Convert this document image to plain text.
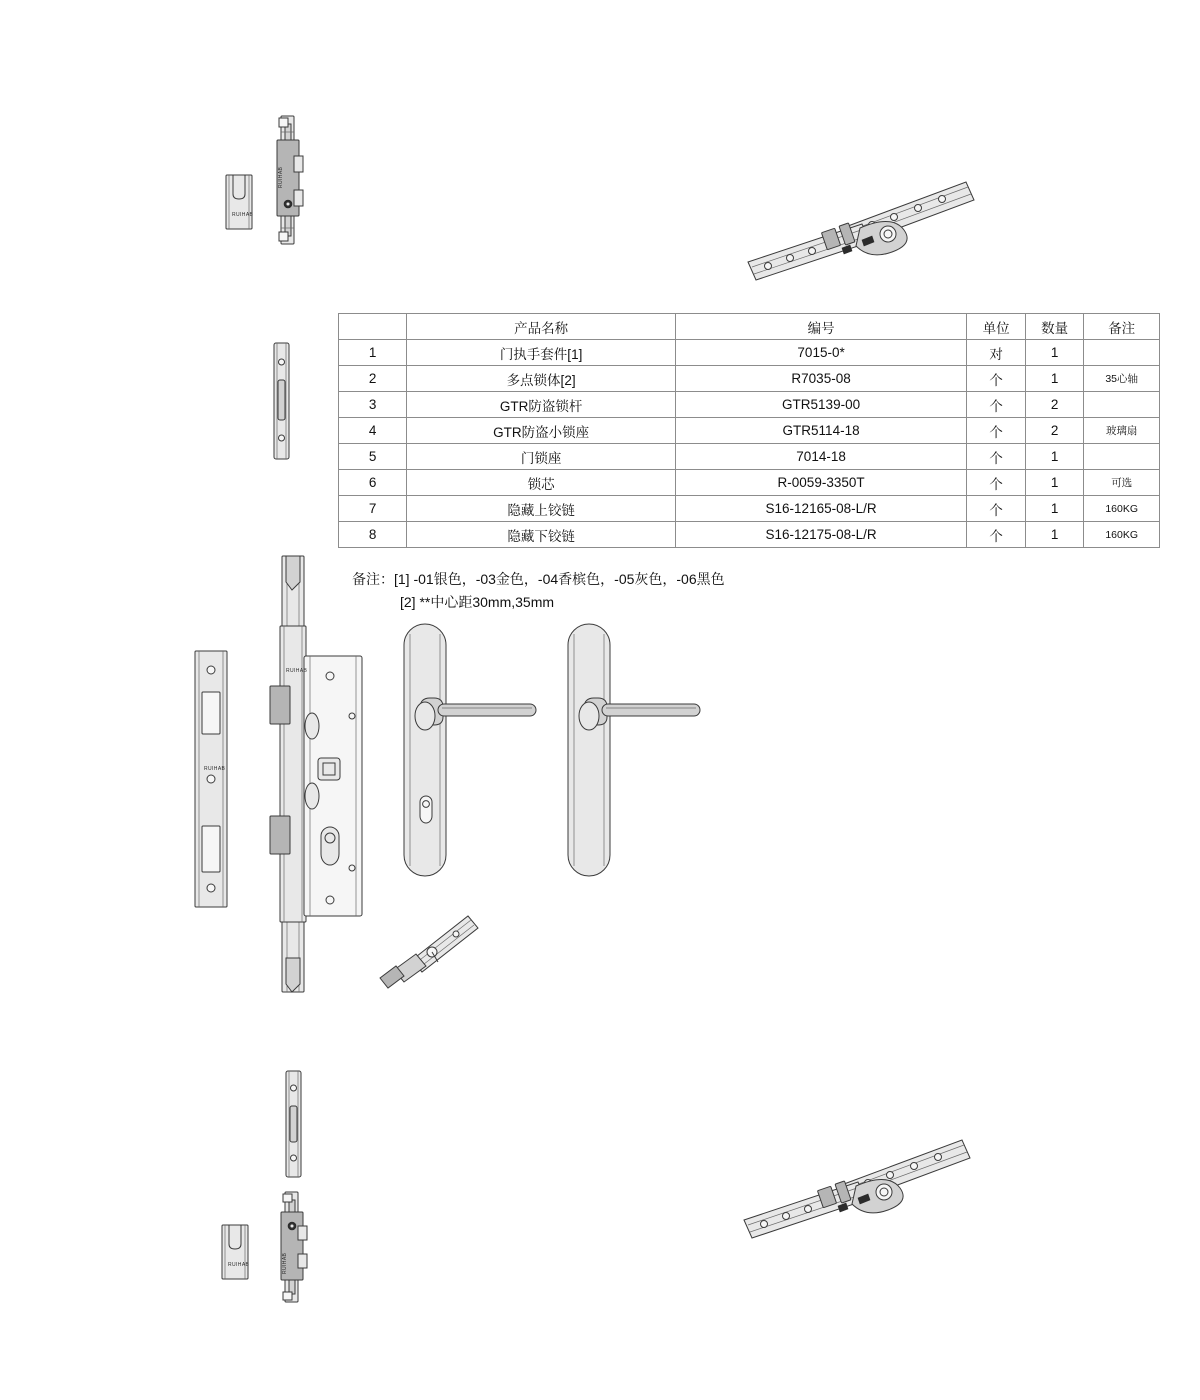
RUIHAB
RUIHAB
RUIHAB
RUIHAB
RUIHAB	RUIHAB
	产品名称	编号	单位	数量	备注
1	门执手套件[1]	7015-0*	对	1	
2	多点锁体[2]	R7035-08	个	1	35心轴
3	GTR防盗锁杆	GTR5139-00	个	2	
4	GTR防盗小锁座	GTR5114-18	个	2	玻璃扇
5	门锁座	7014-18	个	1	
6	锁芯	R-0059-3350T	个	1	可选
7	隐藏上铰链	S16-12165-08-L/R	个	1	160KG
8	隐藏下铰链	S16-12175-08-L/R	个	1	160KG
备注：[1] -01银色，-03金色，-04香槟色，-05灰色，-06黑色
[2] **中心距30mm,35mm
